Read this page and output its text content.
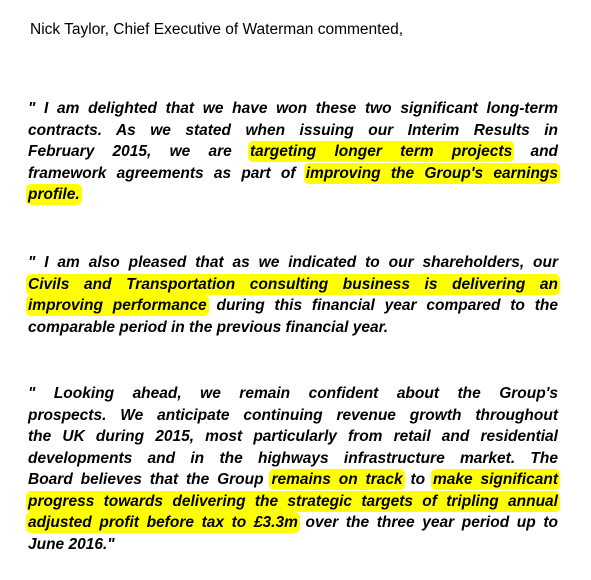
Nick Taylor, Chief Executive of Waterman commented,

" I am delighted that we have won these two significant long-term
contracts. As we stated when issuing our Interim Results in
February 2015, we are targeting longer term projects and
framework agreements as part of improving the Group's earnings
profile.

" I am also pleased that as we indicated to our shareholders, our
Civils and Transportation consulting business is delivering an
improving performance during this financial year compared to the
comparable period in the previous financial year.

" Looking ahead, we remain confident about the Group's
prospects. We anticipate continuing revenue growth throughout
the UK during 2015, most particularly from retail and residential
developments and in the highways infrastructure market. The
Board believes that the Group remains on track to make significant
progress towards delivering the strategic targets of tripling annual
adjusted profit before tax to £3.3m over the three year period up to
June 2016."
